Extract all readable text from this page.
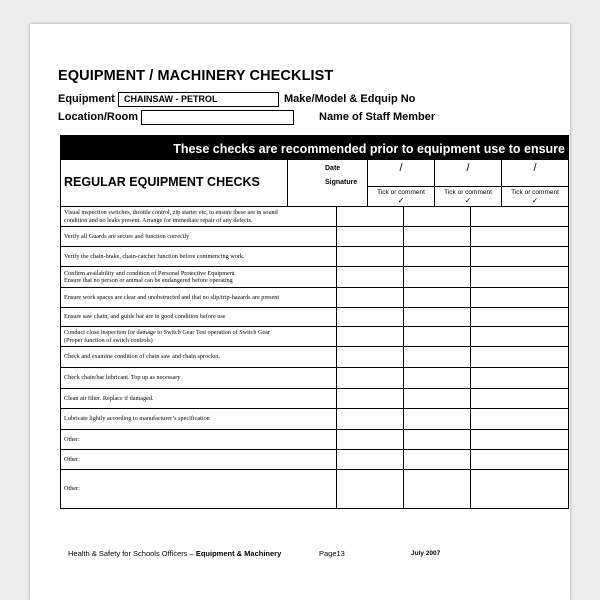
EQUIPMENT / MACHINERY CHECKLIST
Equipment	CHAINSAW - PETROL	Make/Model & Edquip No
Location/Room	Name of Staff Member
These checks are recommended prior to equipment use to ensure
REGULAR EQUIPMENT CHECKS
Date
Signature
/
Tick or comment
✓
/
Tick or comment
✓
/
Tick or comment
✓
Visual inspection switches, throttle control, zip starter etc, to ensure these are in sound
condition and no leaks present. Arrange for immediate repair of any defects.
Verify all Guards are secure and function correctly
Verify the chain-brake, chain-catcher function before commencing work.
Confirm availability and condition of Personal Protective Equipment
Ensure that no person or animal can be endangered before operating
Ensure work spaces are clear and unobstructed and that no slip/trip-hazards are present
Ensure saw chain, and guide bar are in good condition before use
Conduct close inspection for damage to Switch Gear Test operation of Switch Gear
(Proper function of switch controls)
Check and examine condition of chain saw and chain sprocket.
Check chain/bar lubricant. Top up as necessary
Clean air filter. Replace if damaged.
Lubricate lightly according to manufacturer’s specification
Other:
Other:
Other:
Health & Safety for Schools Officers – Equipment & Machinery	Page13	July 2007
